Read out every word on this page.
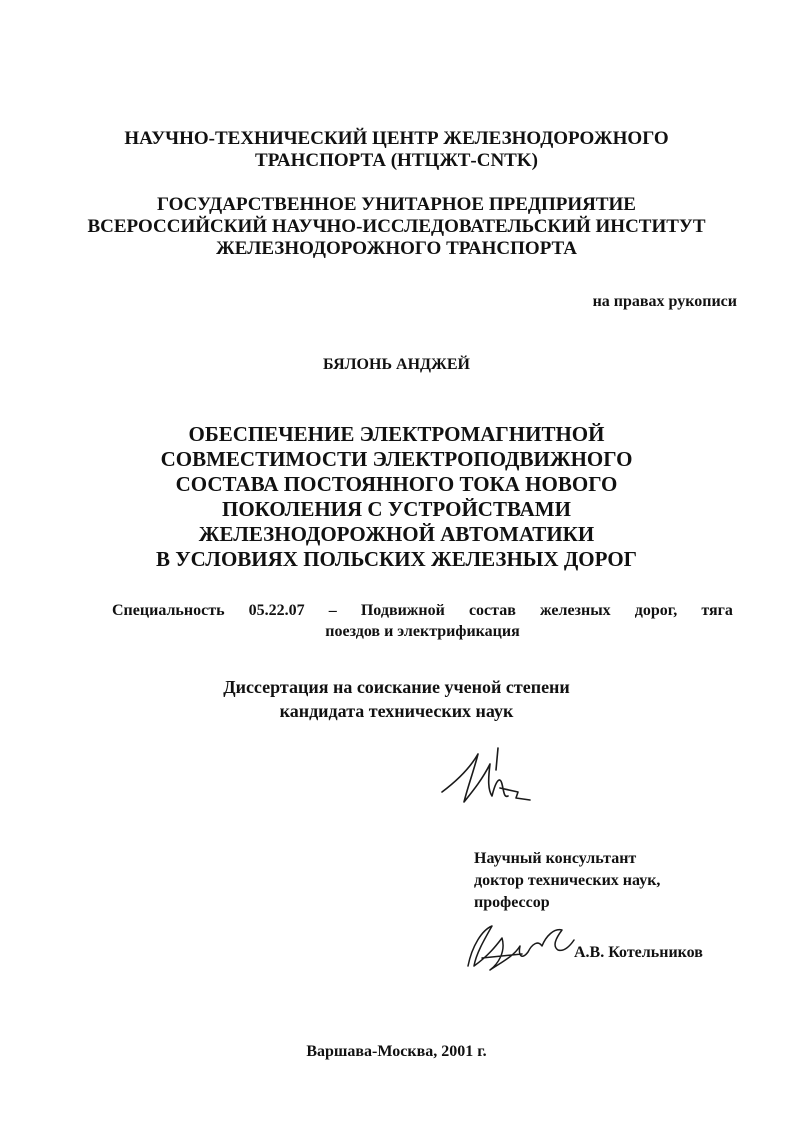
НАУЧНО-ТЕХНИЧЕСКИЙ ЦЕНТР ЖЕЛЕЗНОДОРОЖНОГО
ТРАНСПОРТА (НТЦЖТ-CNTK)
ГОСУДАРСТВЕННОЕ УНИТАРНОЕ ПРЕДПРИЯТИЕ
ВСЕРОССИЙСКИЙ НАУЧНО-ИССЛЕДОВАТЕЛЬСКИЙ ИНСТИТУТ
ЖЕЛЕЗНОДОРОЖНОГО ТРАНСПОРТА
на правах рукописи
БЯЛОНЬ АНДЖЕЙ
ОБЕСПЕЧЕНИЕ ЭЛЕКТРОМАГНИТНОЙ
СОВМЕСТИМОСТИ ЭЛЕКТРОПОДВИЖНОГО
СОСТАВА ПОСТОЯННОГО ТОКА НОВОГО
ПОКОЛЕНИЯ С УСТРОЙСТВАМИ
ЖЕЛЕЗНОДОРОЖНОЙ АВТОМАТИКИ
В УСЛОВИЯХ ПОЛЬСКИХ ЖЕЛЕЗНЫХ ДОРОГ
Специальность 05.22.07 – Подвижной состав железных дорог, тяга
поездов и электрификация
Диссертация на соискание ученой степени
кандидата технических наук
Научный консультант
доктор технических наук,
профессор
А.В. Котельников
Варшава-Москва, 2001 г.
